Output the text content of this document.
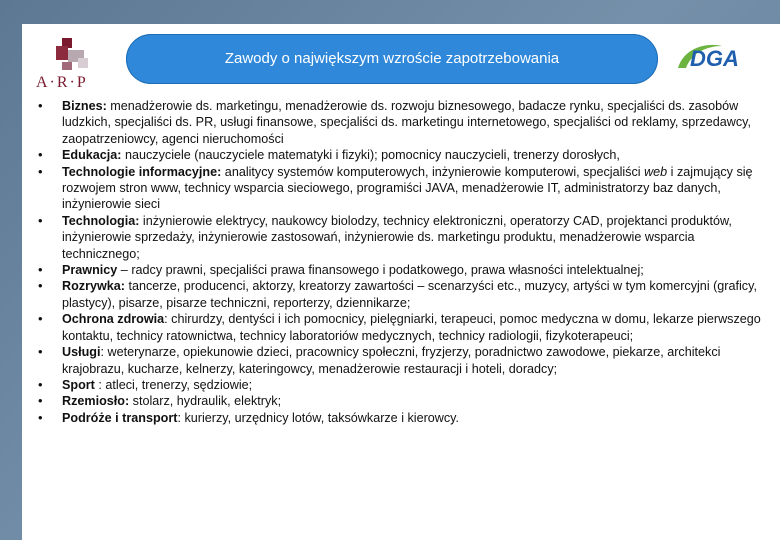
A·R·P
Zawody o największym wzroście zapotrzebowania	DGA

• Biznes: menadżerowie ds. marketingu, menadżerowie ds. rozwoju biznesowego, badacze rynku, specjaliści ds. zasobów ludzkich, specjaliści ds. PR, usługi finansowe, specjaliści ds. marketingu internetowego, specjaliści od reklamy, sprzedawcy, zaopatrzeniowcy, agenci nieruchomości

• Edukacja: nauczyciele (nauczyciele matematyki i fizyki); pomocnicy nauczycieli, trenerzy dorosłych,

• Technologie informacyjne: analitycy systemów komputerowych, inżynierowie komputerowi, specjaliści web i zajmujący się rozwojem stron www, technicy wsparcia sieciowego, programiści JAVA, menadżerowie IT, administratorzy baz danych, inżynierowie sieci

• Technologia: inżynierowie elektrycy, naukowcy biolodzy, technicy elektroniczni, operatorzy CAD, projektanci produktów, inżynierowie sprzedaży, inżynierowie zastosowań, inżynierowie ds. marketingu produktu, menadżerowie wsparcia technicznego;

• Prawnicy – radcy prawni, specjaliści prawa finansowego i podatkowego, prawa własności intelektualnej;

• Rozrywka: tancerze, producenci, aktorzy, kreatorzy zawartości – scenarzyści etc., muzycy, artyści w tym komercyjni (graficy, plastycy), pisarze, pisarze techniczni, reporterzy, dziennikarze;

• Ochrona zdrowia: chirurdzy, dentyści i ich pomocnicy, pielęgniarki, terapeuci, pomoc medyczna w domu, lekarze pierwszego kontaktu, technicy ratownictwa, technicy laboratoriów medycznych, technicy radiologii, fizykoterapeuci;

• Usługi: weterynarze, opiekunowie dzieci, pracownicy społeczni, fryzjerzy, poradnictwo zawodowe, piekarze, architekci krajobrazu, kucharze, kelnerzy, kateringowcy, menadżerowie restauracji i hoteli, doradcy;

• Sport : atleci, trenerzy, sędziowie;

• Rzemiosło: stolarz, hydraulik, elektryk;

• Podróże i transport: kurierzy, urzędnicy lotów, taksówkarze i kierowcy.

15
